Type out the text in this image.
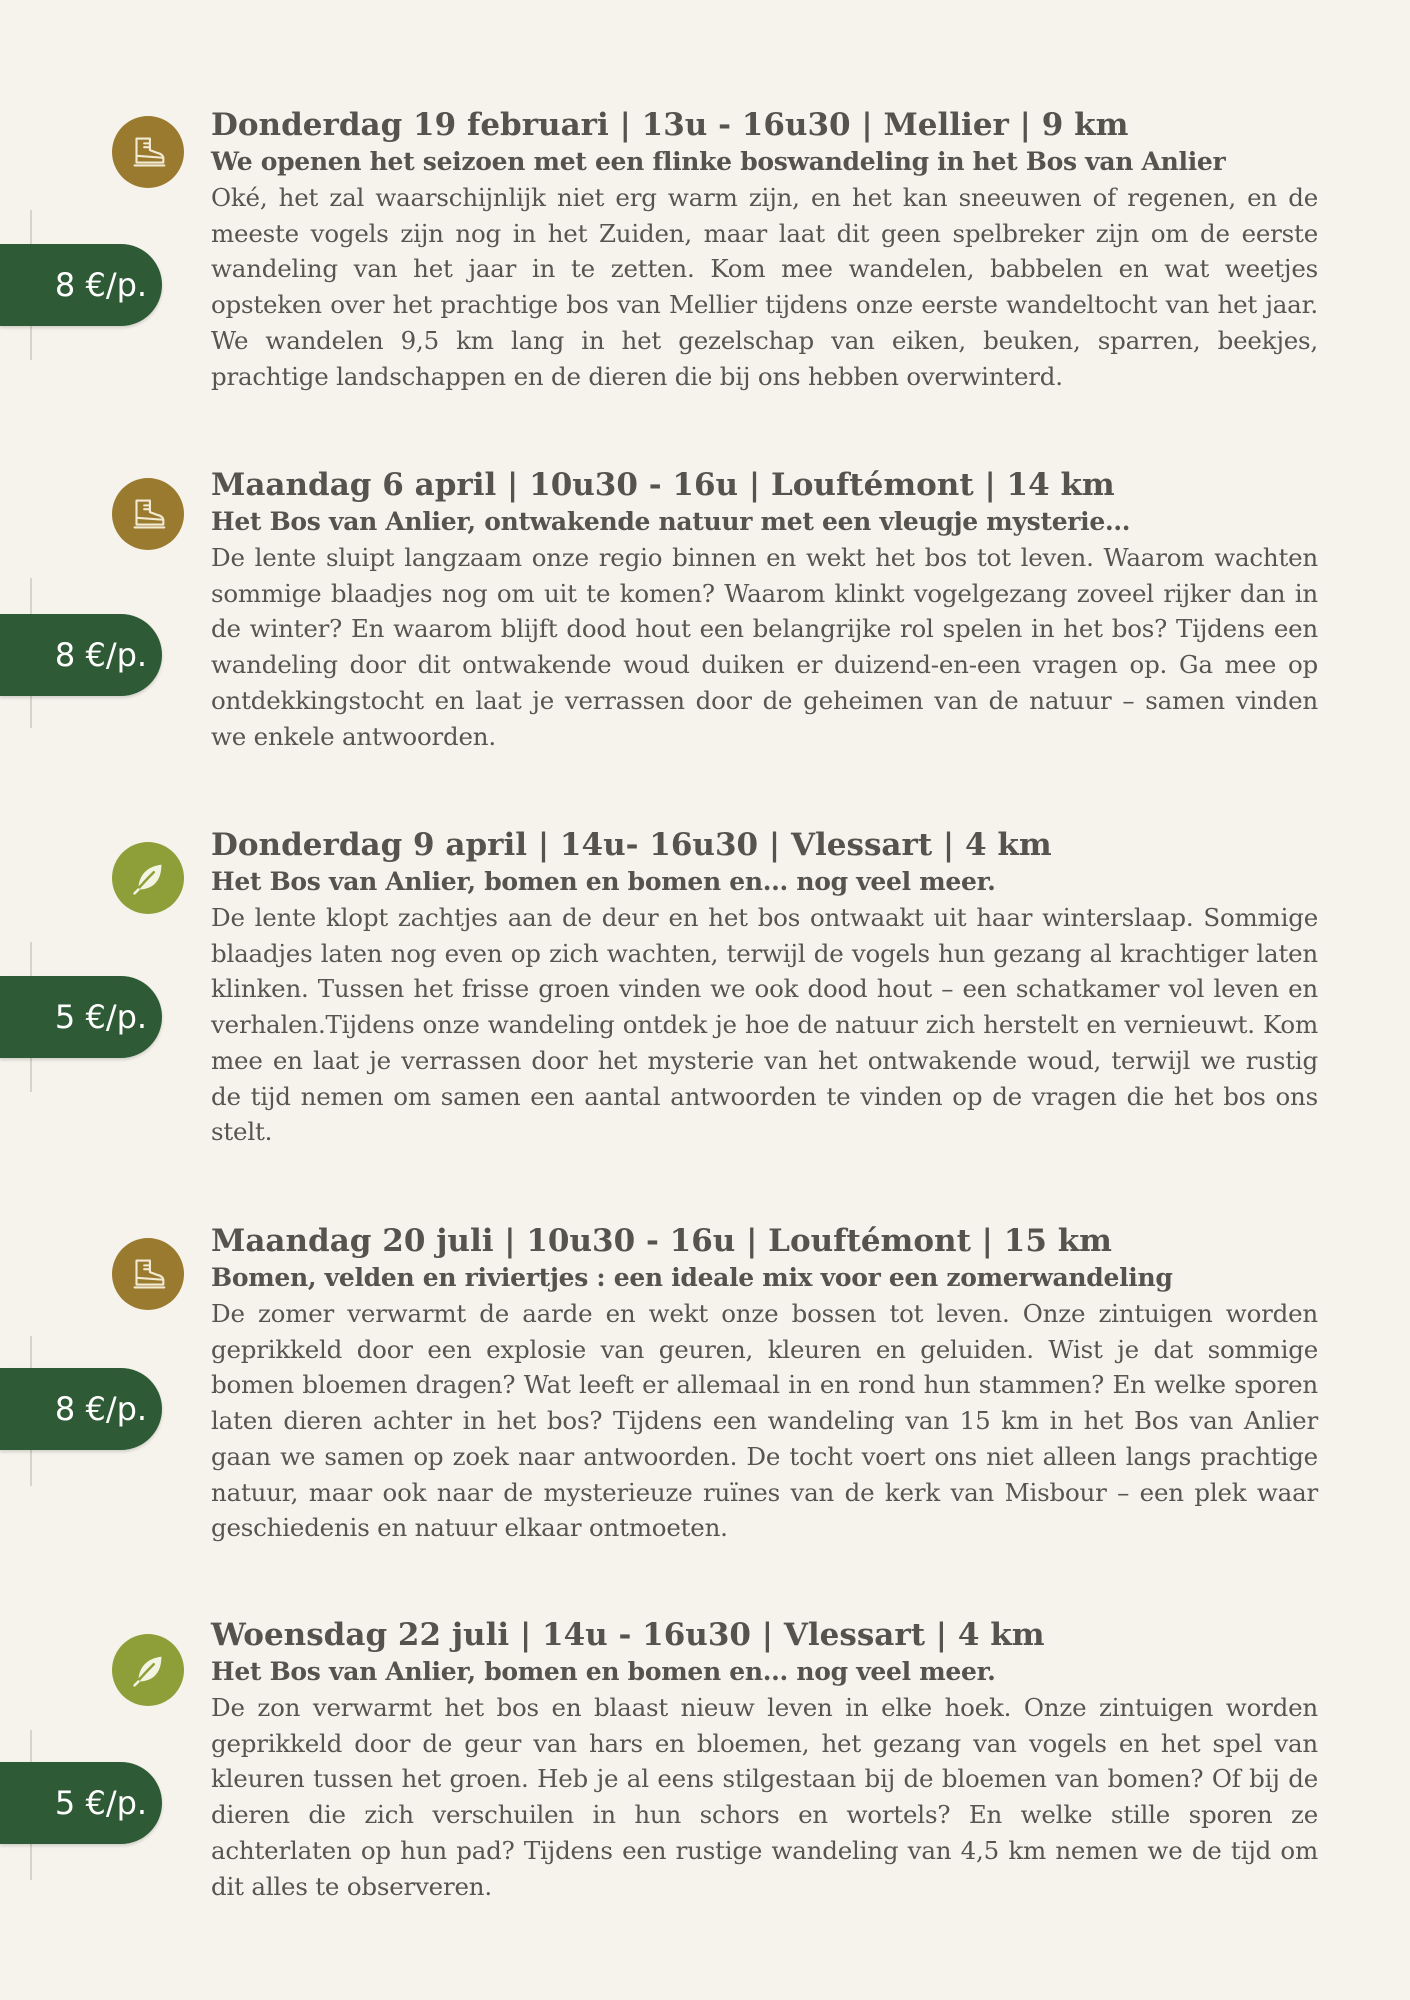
8 €/p.
Donderdag 19 februari | 13u - 16u30 | Mellier | 9 km
We openen het seizoen met een flinke boswandeling in het Bos van Anlier

Oké, het zal waarschijnlijk niet erg warm zijn, en het kan sneeuwen of regenen, en de meeste vogels zijn nog in het Zuiden, maar laat dit geen spelbreker zijn om de eerste wandeling van het jaar in te zetten. Kom mee wandelen, babbelen en wat weetjes opsteken over het prachtige bos van Mellier tijdens onze eerste wandeltocht van het jaar. We wandelen 9,5 km lang in het gezelschap van eiken, beuken, sparren, beekjes, prachtige landschappen en de dieren die bij ons hebben overwinterd.

8 €/p.
Maandag 6 april | 10u30 - 16u | Louftémont | 14 km
Het Bos van Anlier, ontwakende natuur met een vleugje mysterie...

De lente sluipt langzaam onze regio binnen en wekt het bos tot leven. Waarom wachten sommige blaadjes nog om uit te komen? Waarom klinkt vogelgezang zoveel rijker dan in de winter? En waarom blijft dood hout een belangrijke rol spelen in het bos? Tijdens een wandeling door dit ontwakende woud duiken er duizend-en-een vragen op. Ga mee op ontdekkingstocht en laat je verrassen door de geheimen van de natuur – samen vinden we enkele antwoorden.

5 €/p.
Donderdag 9 april | 14u- 16u30 | Vlessart | 4 km
Het Bos van Anlier, bomen en bomen en... nog veel meer.

De lente klopt zachtjes aan de deur en het bos ontwaakt uit haar winterslaap. Sommige blaadjes laten nog even op zich wachten, terwijl de vogels hun gezang al krachtiger laten klinken. Tussen het frisse groen vinden we ook dood hout – een schatkamer vol leven en verhalen.Tijdens onze wandeling ontdek je hoe de natuur zich herstelt en vernieuwt. Kom mee en laat je verrassen door het mysterie van het ontwakende woud, terwijl we rustig de tijd nemen om samen een aantal antwoorden te vinden op de vragen die het bos ons stelt.

8 €/p.
Maandag 20 juli | 10u30 - 16u | Louftémont | 15 km
Bomen, velden en riviertjes : een ideale mix voor een zomerwandeling

De zomer verwarmt de aarde en wekt onze bossen tot leven. Onze zintuigen worden geprikkeld door een explosie van geuren, kleuren en geluiden. Wist je dat sommige bomen bloemen dragen? Wat leeft er allemaal in en rond hun stammen? En welke sporen laten dieren achter in het bos? Tijdens een wandeling van 15 km in het Bos van Anlier gaan we samen op zoek naar antwoorden. De tocht voert ons niet alleen langs prachtige natuur, maar ook naar de mysterieuze ruïnes van de kerk van Misbour – een plek waar geschiedenis en natuur elkaar ontmoeten.

5 €/p.
Woensdag 22 juli | 14u - 16u30 | Vlessart | 4 km
Het Bos van Anlier, bomen en bomen en... nog veel meer.

De zon verwarmt het bos en blaast nieuw leven in elke hoek. Onze zintuigen worden geprikkeld door de geur van hars en bloemen, het gezang van vogels en het spel van kleuren tussen het groen. Heb je al eens stilgestaan bij de bloemen van bomen? Of bij de dieren die zich verschuilen in hun schors en wortels? En welke stille sporen ze achterlaten op hun pad? Tijdens een rustige wandeling van 4,5 km nemen we de tijd om dit alles te observeren.
